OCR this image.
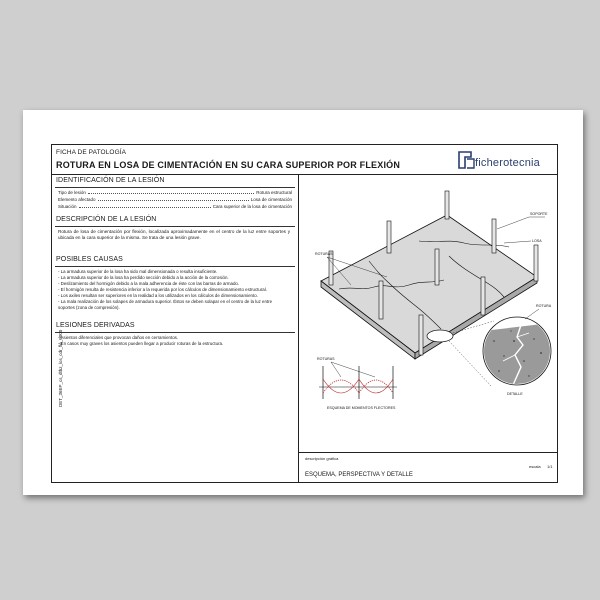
FICHA DE PATOLOGÍA
ROTURA EN LOSA DE CIMENTACIÓN EN SU CARA SUPERIOR POR FLEXIÓN	ficherotecnia
IDENTIFICACIÓN DE LA LESIÓN
Tipo de lesión	Rotura estructural
Elemento afectado	Losa de cimentación
Situación	Cara superior de la losa de cimentación
DESCRIPCIÓN DE LA LESIÓN
Rotura de losa de cimentación por flexión, localizada aproximadamente en el centro de la luz entre soportes y ubicada en la cara superior de la misma. Se trata de una lesión grave.
POSIBLES CAUSAS
- La armadura superior de la losa ha sido mal dimensionada o resulta insuficiente.
- La armadura superior de la losa ha perdido sección debido a la acción de la corrosión.
- Deslizamiento del hormigón debido a la mala adherencia de éste con las barras de armado.
- El hormigón resulta de resistencia inferior a la requerida por los cálculos de dimensionamiento estructural.
- Los axiles resultan ser superiores en la realidad a los utilizados en los cálculos de dimensionamiento.
- La mala realización de los solapes de armadura superior. Éstos se deben solapar en el centro de la luz entre soportes (zona de compresión).
LESIONES DERIVADAS
- Asientos diferenciales que provocan daños en cerramientos.
- En casos muy graves los asientos pueden llegar a producir roturas de la estructura.
DET_36EP_cs_dthz_los_cdr_fle_0000
SOPORTE
LOSA
ROTURAS
ROTURA
ROTURAS
ESQUEMA DE MOMENTOS FLECTORES
DETALLE
descripción gráfica
escala 1/1
ESQUEMA, PERSPECTIVA Y DETALLE
